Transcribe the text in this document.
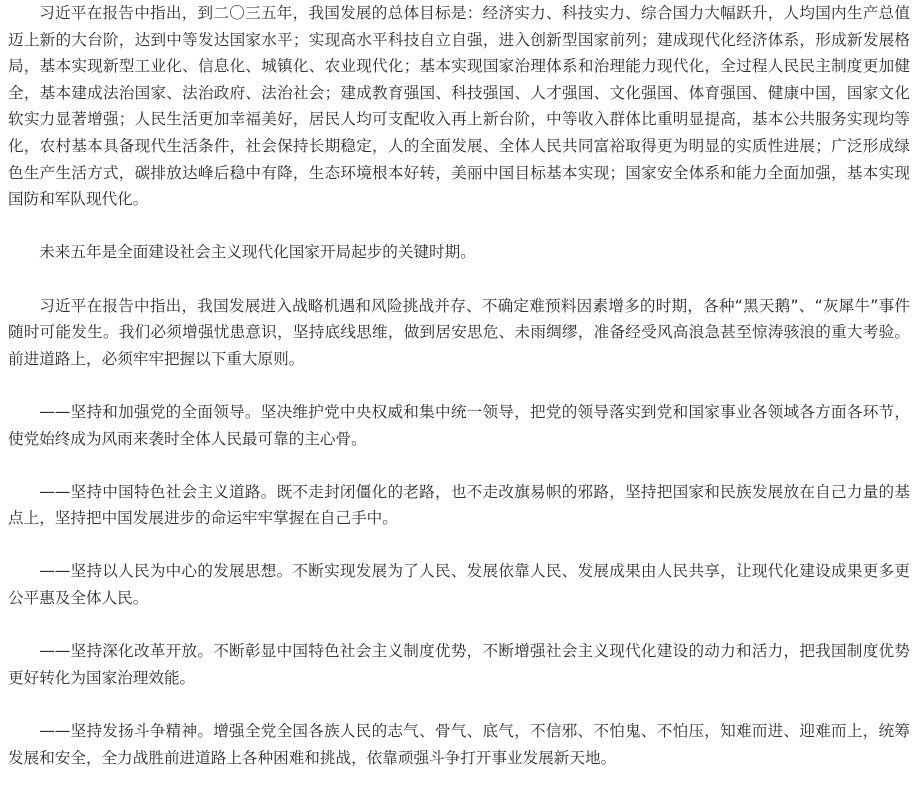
习近平在报告中指出，到二〇三五年，我国发展的总体目标是：经济实力、科技实力、综合国力大幅跃升，人均国内生产总值迈上新的大台阶，达到中等发达国家水平；实现高水平科技自立自强，进入创新型国家前列；建成现代化经济体系，形成新发展格局，基本实现新型工业化、信息化、城镇化、农业现代化；基本实现国家治理体系和治理能力现代化，全过程人民民主制度更加健全，基本建成法治国家、法治政府、法治社会；建成教育强国、科技强国、人才强国、文化强国、体育强国、健康中国，国家文化软实力显著增强；人民生活更加幸福美好，居民人均可支配收入再上新台阶，中等收入群体比重明显提高，基本公共服务实现均等化，农村基本具备现代生活条件，社会保持长期稳定，人的全面发展、全体人民共同富裕取得更为明显的实质性进展；广泛形成绿色生产生活方式，碳排放达峰后稳中有降，生态环境根本好转，美丽中国目标基本实现；国家安全体系和能力全面加强，基本实现国防和军队现代化。

未来五年是全面建设社会主义现代化国家开局起步的关键时期。

习近平在报告中指出，我国发展进入战略机遇和风险挑战并存、不确定难预料因素增多的时期，各种“黑天鹅”、“灰犀牛”事件随时可能发生。我们必须增强忧患意识，坚持底线思维，做到居安思危、未雨绸缪，准备经受风高浪急甚至惊涛骇浪的重大考验。前进道路上，必须牢牢把握以下重大原则。

——坚持和加强党的全面领导。坚决维护党中央权威和集中统一领导，把党的领导落实到党和国家事业各领域各方面各环节，使党始终成为风雨来袭时全体人民最可靠的主心骨。

——坚持中国特色社会主义道路。既不走封闭僵化的老路，也不走改旗易帜的邪路，坚持把国家和民族发展放在自己力量的基点上，坚持把中国发展进步的命运牢牢掌握在自己手中。

——坚持以人民为中心的发展思想。不断实现发展为了人民、发展依靠人民、发展成果由人民共享，让现代化建设成果更多更公平惠及全体人民。

——坚持深化改革开放。不断彰显中国特色社会主义制度优势，不断增强社会主义现代化建设的动力和活力，把我国制度优势更好转化为国家治理效能。

——坚持发扬斗争精神。增强全党全国各族人民的志气、骨气、底气，不信邪、不怕鬼、不怕压，知难而进、迎难而上，统筹发展和安全，全力战胜前进道路上各种困难和挑战，依靠顽强斗争打开事业发展新天地。
